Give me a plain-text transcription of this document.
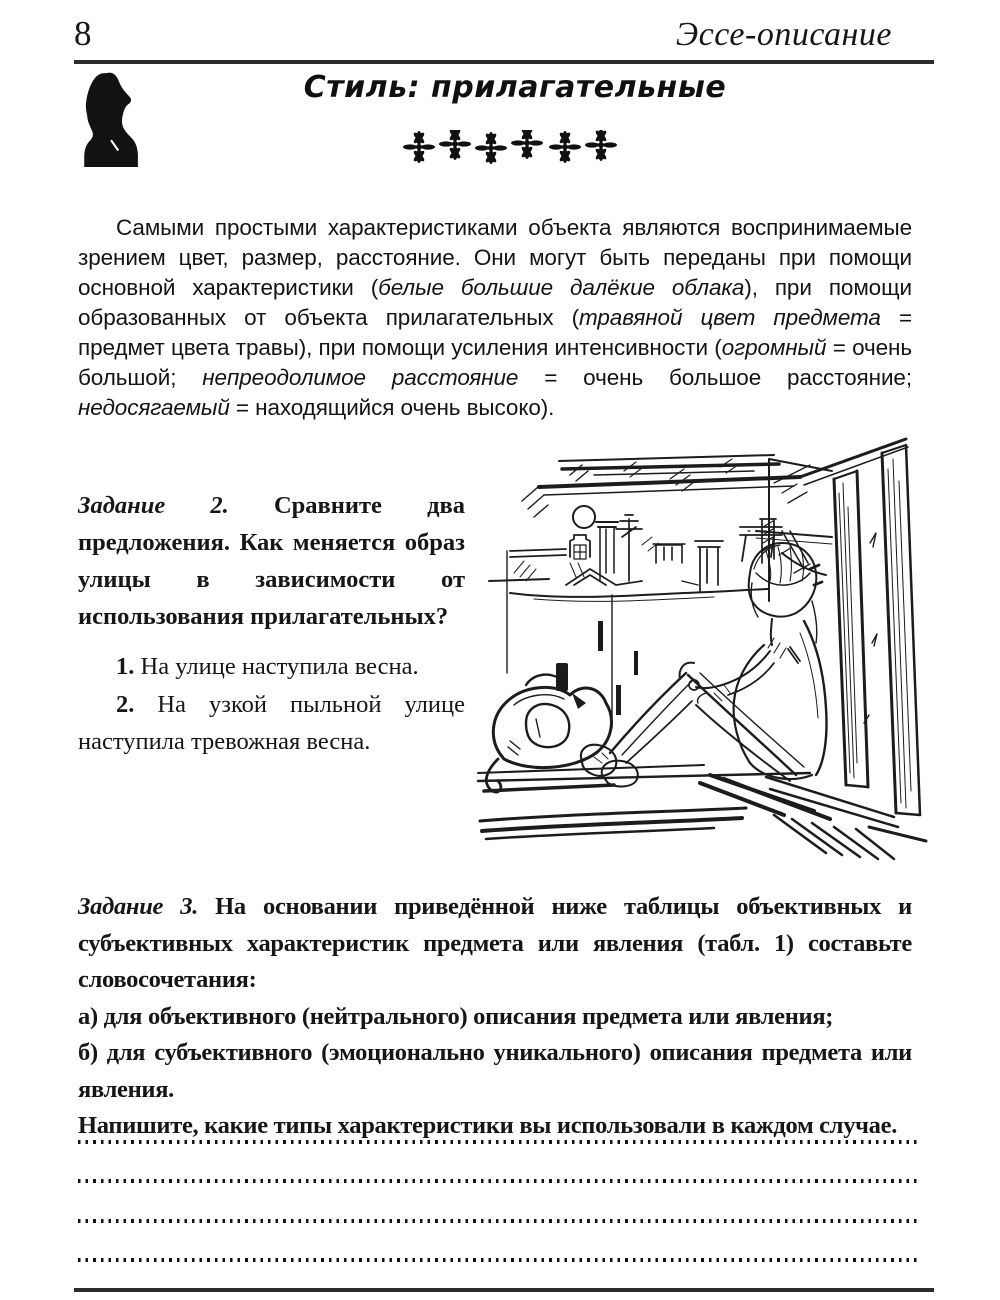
8	Эссе-описание
Стиль: прилагательные

Самыми простыми характеристиками объекта являются воспринимаемые зрением цвет, размер, расстояние. Они могут быть переданы при помощи основной характеристики (белые большие далёкие облака), при помощи образованных от объекта прилагательных (травяной цвет предмета = предмет цвета травы), при помощи усиления интенсивности (огромный = очень большой; непреодолимое расстояние = очень большое расстояние; недосягаемый = находящийся очень высоко).

Задание 2. Сравните два предложения. Как меняется образ улицы в зависимости от использования прилагательных?

1. На улице наступила весна.

2. На узкой пыльной улице наступила тревожная весна.

Задание 3. На основании приведённой ниже таблицы объективных и субъективных характеристик предмета или явления (табл. 1) составьте словосочетания:

а) для объективного (нейтрального) описания предмета или явления;

б) для субъективного (эмоционально уникального) описания предмета или явления.

Напишите, какие типы характеристики вы использовали в каждом случае.
